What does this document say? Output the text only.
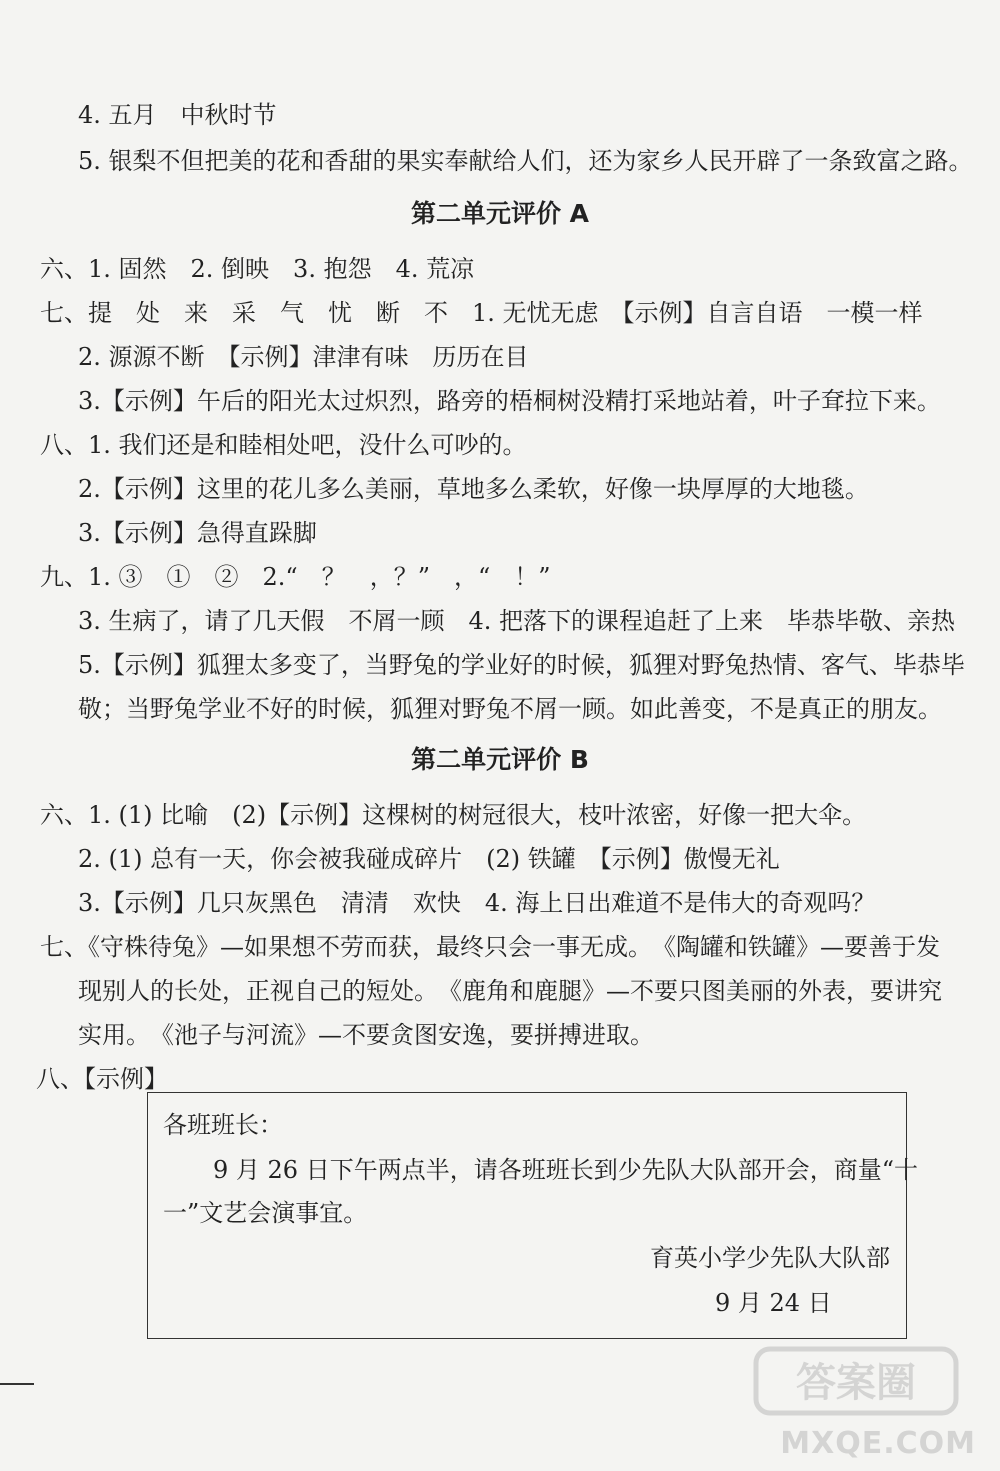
4. 五月　中秋时节
5. 银梨不但把美的花和香甜的果实奉献给人们，还为家乡人民开辟了一条致富之路。
第二单元评价 A
六、1. 固然　2. 倒映　3. 抱怨　4. 荒凉
七、提　处　来　采　气　忧　断　不　1. 无忧无虑　【示例】自言自语　一模一样
2. 源源不断　【示例】津津有味　历历在目
3.【示例】午后的阳光太过炽烈，路旁的梧桐树没精打采地站着，叶子耷拉下来。
八、1. 我们还是和睦相处吧，没什么可吵的。
2.【示例】这里的花儿多么美丽，草地多么柔软，好像一块厚厚的大地毯。
3.【示例】急得直跺脚
九、1. ③　①　②　2.“　？　，？”　，“　！”
3. 生病了，请了几天假　不屑一顾　4. 把落下的课程追赶了上来　毕恭毕敬、亲热
5.【示例】狐狸太多变了，当野兔的学业好的时候，狐狸对野兔热情、客气、毕恭毕
敬；当野兔学业不好的时候，狐狸对野兔不屑一顾。如此善变，不是真正的朋友。
第二单元评价 B
六、1. (1) 比喻　(2)【示例】这棵树的树冠很大，枝叶浓密，好像一把大伞。
2. (1) 总有一天，你会被我碰成碎片　(2) 铁罐　【示例】傲慢无礼
3.【示例】几只灰黑色　清清　欢快　4. 海上日出难道不是伟大的奇观吗？
七、《守株待兔》—如果想不劳而获，最终只会一事无成。　《陶罐和铁罐》—要善于发
现别人的长处，正视自己的短处。　《鹿角和鹿腿》—不要只图美丽的外表，要讲究
实用。　《池子与河流》—不要贪图安逸，要拼搏进取。
八、【示例】
各班班长：
9 月 26 日下午两点半，请各班班长到少先队大队部开会，商量“十
一”文艺会演事宜。
育英小学少先队大队部
9 月 24 日
答案圈
MXQE.COM
